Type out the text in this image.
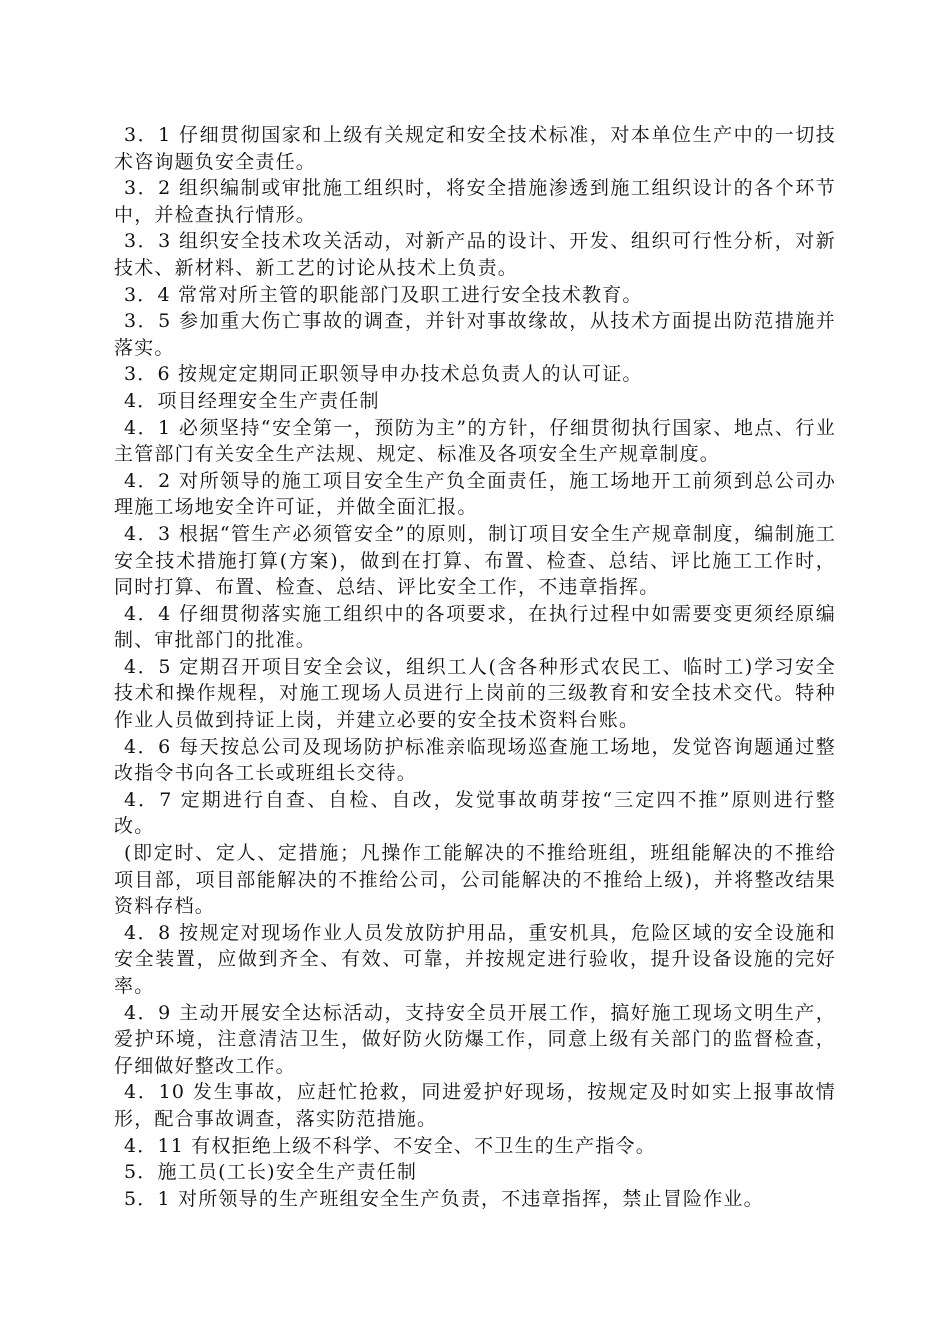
3．1 仔细贯彻国家和上级有关规定和安全技术标准，对本单位生产中的一切技术咨询题负安全责任。

3．2 组织编制或审批施工组织时，将安全措施渗透到施工组织设计的各个环节中，并检查执行情形。

3．3 组织安全技术攻关活动，对新产品的设计、开发、组织可行性分析，对新技术、新材料、新工艺的讨论从技术上负责。

3．4 常常对所主管的职能部门及职工进行安全技术教育。

3．5 参加重大伤亡事故的调查，并针对事故缘故，从技术方面提出防范措施并落实。

3．6 按规定定期同正职领导申办技术总负责人的认可证。

4．项目经理安全生产责任制

4．1 必须坚持“安全第一，预防为主”的方针，仔细贯彻执行国家、地点、行业主管部门有关安全生产法规、规定、标准及各项安全生产规章制度。

4．2 对所领导的施工项目安全生产负全面责任，施工场地开工前须到总公司办理施工场地安全许可证，并做全面汇报。

4．3 根据“管生产必须管安全”的原则，制订项目安全生产规章制度，编制施工安全技术措施打算(方案)，做到在打算、布置、检查、总结、评比施工工作时，同时打算、布置、检查、总结、评比安全工作，不违章指挥。

4．4 仔细贯彻落实施工组织中的各项要求，在执行过程中如需要变更须经原编制、审批部门的批准。

4．5 定期召开项目安全会议，组织工人(含各种形式农民工、临时工)学习安全技术和操作规程，对施工现场人员进行上岗前的三级教育和安全技术交代。特种作业人员做到持证上岗，并建立必要的安全技术资料台账。

4．6 每天按总公司及现场防护标准亲临现场巡查施工场地，发觉咨询题通过整改指令书向各工长或班组长交待。

4．7 定期进行自查、自检、自改，发觉事故萌芽按“三定四不推”原则进行整改。

(即定时、定人、定措施；凡操作工能解决的不推给班组，班组能解决的不推给项目部，项目部能解决的不推给公司，公司能解决的不推给上级)，并将整改结果资料存档。

4．8 按规定对现场作业人员发放防护用品，重安机具，危险区域的安全设施和安全装置，应做到齐全、有效、可靠，并按规定进行验收，提升设备设施的完好率。

4．9 主动开展安全达标活动，支持安全员开展工作，搞好施工现场文明生产，爱护环境，注意清洁卫生，做好防火防爆工作，同意上级有关部门的监督检查，仔细做好整改工作。

4．10 发生事故，应赶忙抢救，同进爱护好现场，按规定及时如实上报事故情形，配合事故调查，落实防范措施。

4．11 有权拒绝上级不科学、不安全、不卫生的生产指令。

5．施工员(工长)安全生产责任制

5．1 对所领导的生产班组安全生产负责，不违章指挥，禁止冒险作业。
